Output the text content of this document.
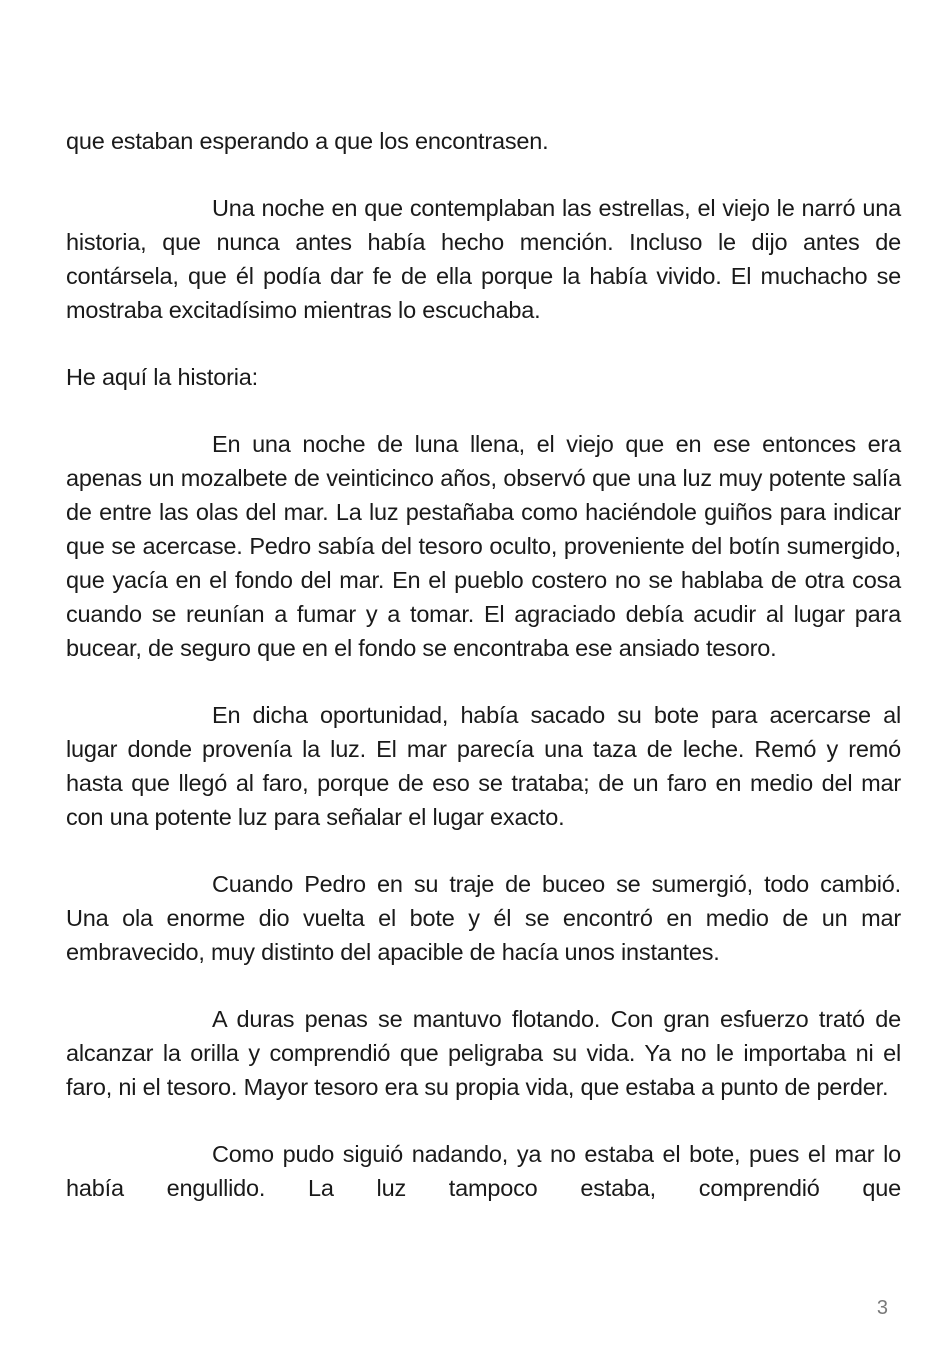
que estaban esperando a que los encontrasen.

Una noche en que contemplaban las estrellas, el viejo le narró una historia, que nunca antes había hecho mención. Incluso le dijo antes de contársela, que él podía dar fe de ella porque la había vivido. El muchacho se mostraba excitadísimo mientras lo escuchaba.

He aquí la historia:

En una noche de luna llena, el viejo que en ese entonces era apenas un mozalbete de veinticinco años, observó que una luz muy potente salía de entre las olas del mar. La luz pestañaba como haciéndole guiños para indicar que se acercase. Pedro sabía del tesoro oculto, proveniente del botín sumergido, que yacía en el fondo del mar. En el pueblo costero no se hablaba de otra cosa cuando se reunían a fumar y a tomar. El agraciado debía acudir al lugar para bucear, de seguro que en el fondo se encontraba ese ansiado tesoro.

En dicha oportunidad, había sacado su bote para acercarse al lugar donde provenía la luz. El mar parecía una taza de leche. Remó y remó hasta que llegó al faro, porque de eso se trataba; de un faro en medio del mar con una potente luz para señalar el lugar exacto.

Cuando Pedro en su traje de buceo se sumergió, todo cambió. Una ola enorme dio vuelta el bote y él se encontró en medio de un mar embravecido, muy distinto del apacible de hacía unos instantes.

A duras penas se mantuvo flotando. Con gran esfuerzo trató de alcanzar la orilla y comprendió que peligraba su vida. Ya no le importaba ni el faro, ni el tesoro. Mayor tesoro era su propia vida, que estaba a punto de perder.

Como pudo siguió nadando, ya no estaba el bote, pues el mar lo había engullido. La luz tampoco estaba, comprendió que

3
